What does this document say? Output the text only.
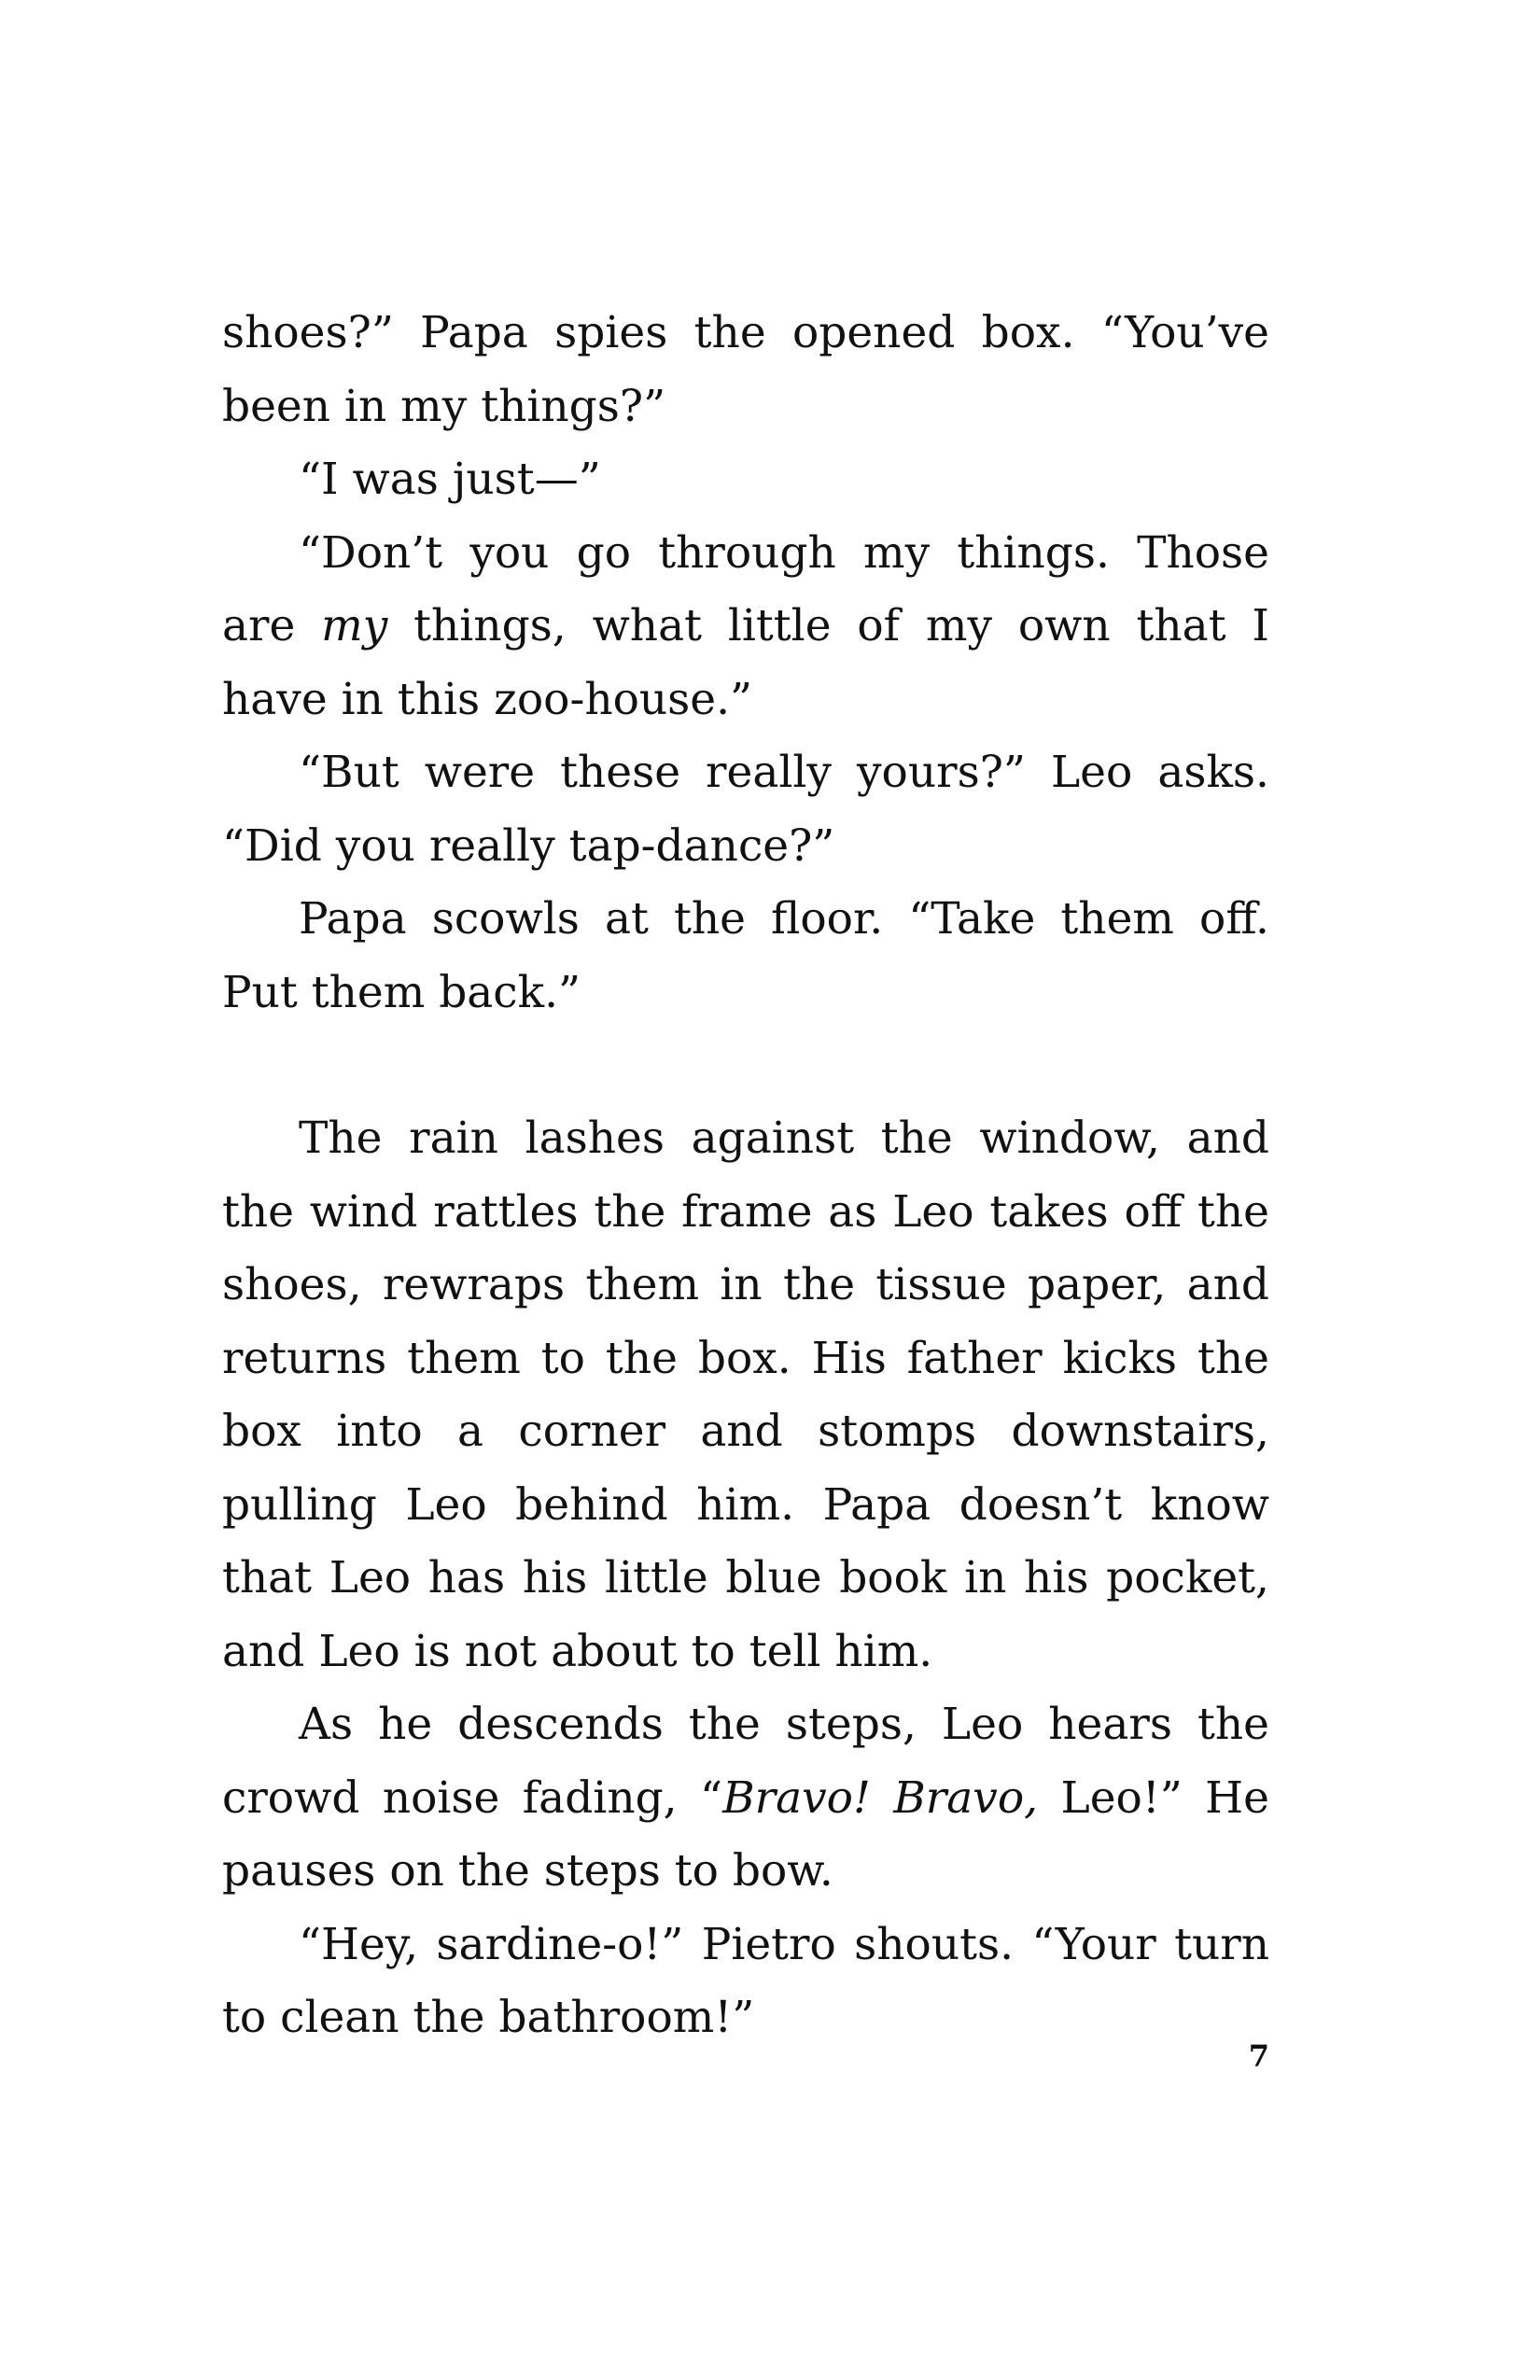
shoes?” Papa spies the opened box. “You’ve been in my things?”

“I was just—”

“Don’t you go through my things. Those are my things, what little of my own that I have in this zoo-house.”

“But were these really yours?” Leo asks. “Did you really tap-dance?”

Papa scowls at the floor. “Take them off. Put them back.”

The rain lashes against the window, and the wind rattles the frame as Leo takes off the shoes, rewraps them in the tissue paper, and returns them to the box. His father kicks the box into a corner and stomps downstairs, pulling Leo behind him. Papa doesn’t know that Leo has his little blue book in his pocket, and Leo is not about to tell him.

As he descends the steps, Leo hears the crowd noise fading, “Bravo! Bravo, Leo!” He pauses on the steps to bow.

“Hey, sardine-o!” Pietro shouts. “Your turn to clean the bathroom!”

7
